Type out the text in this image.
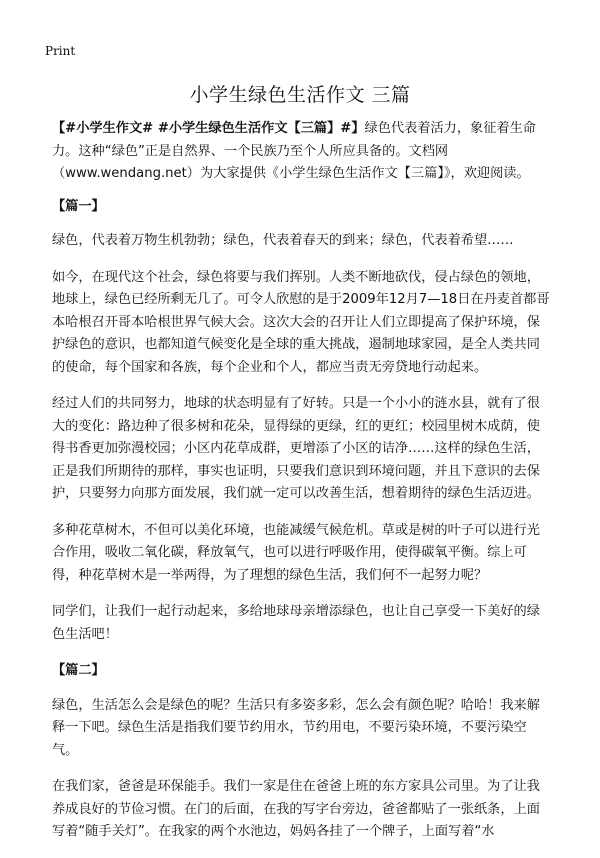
Print
小学生绿色生活作文 三篇

【#小学生作文# #小学生绿色生活作文【三篇】#】绿色代表着活力，象征着生命力。这种“绿色”正是自然界、一个民族乃至个人所应具备的。文档网（www.wendang.net）为大家提供《小学生绿色生活作文【三篇】》，欢迎阅读。

【篇一】

绿色，代表着万物生机勃勃；绿色，代表着春天的到来；绿色，代表着希望……

如今，在现代这个社会，绿色将要与我们挥别。人类不断地砍伐，侵占绿色的领地，地球上，绿色已经所剩无几了。可令人欣慰的是于2009年12月7—18日在丹麦首都哥本哈根召开哥本哈根世界气候大会。这次大会的召开让人们立即提高了保护环境，保护绿色的意识，也都知道气候变化是全球的重大挑战，遏制地球家园，是全人类共同的使命，每个国家和各族，每个企业和个人，都应当责无旁贷地行动起来。

经过人们的共同努力，地球的状态明显有了好转。只是一个小小的涟水县，就有了很大的变化：路边种了很多树和花朵，显得绿的更绿，红的更红；校园里树木成荫，使得书香更加弥漫校园；小区内花草成群，更增添了小区的诘净……这样的绿色生活，正是我们所期待的那样，事实也证明，只要我们意识到环境问题，并且下意识的去保护，只要努力向那方面发展，我们就一定可以改善生活，想着期待的绿色生活迈进。

多种花草树木，不但可以美化环境，也能减缓气候危机。草或是树的叶子可以进行光合作用，吸收二氧化碳，释放氧气，也可以进行呼吸作用，使得碳氧平衡。综上可得，种花草树木是一举两得，为了理想的绿色生活，我们何不一起努力呢？

同学们，让我们一起行动起来，多给地球母亲增添绿色，也让自己享受一下美好的绿色生活吧！

【篇二】

绿色，生活怎么会是绿色的呢？生活只有多姿多彩，怎么会有颜色呢？哈哈！我来解释一下吧。绿色生活是指我们要节约用水，节约用电，不要污染环境，不要污染空气。

在我们家，爸爸是环保能手。我们一家是住在爸爸上班的东方家具公司里。为了让我养成良好的节俭习惯。在门的后面，在我的写字台旁边，爸爸都贴了一张纸条，上面写着“随手关灯”。在我家的两个水池边，妈妈各挂了一个牌子，上面写着“水
